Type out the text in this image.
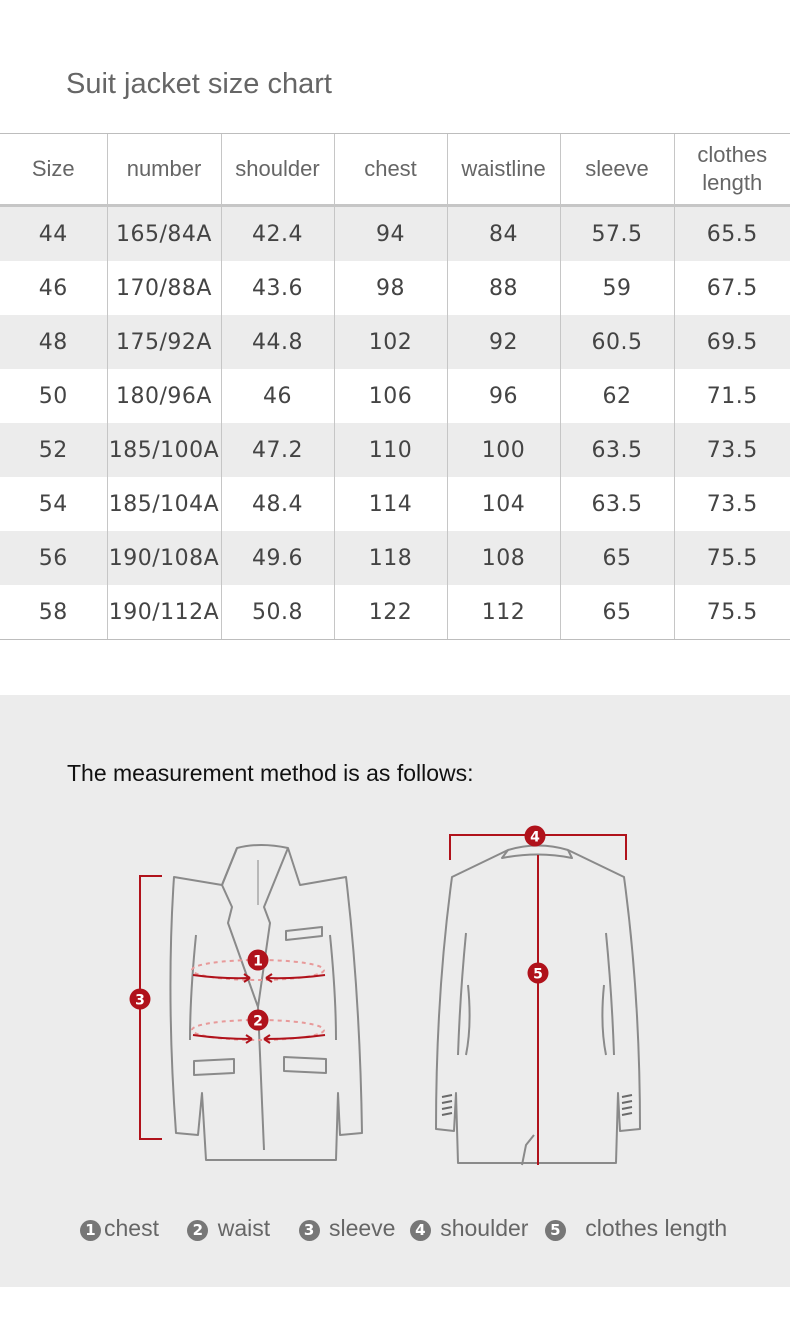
Suit jacket size chart
Size	number	shoulder	chest	waistline	sleeve	clothes
length
44	165/84A	42.4	94	84	57.5	65.5
46	170/88A	43.6	98	88	59	67.5
48	175/92A	44.8	102	92	60.5	69.5
50	180/96A	46	106	96	62	71.5
52	185/100A	47.2	110	100	63.5	73.5
54	185/104A	48.4	114	104	63.5	73.5
56	190/108A	49.6	118	108	65	75.5
58	190/112A	50.8	122	112	65	75.5
The measurement method is as follows:
1
2
3
4
5
1 chest 2 waist 3 sleeve 4 shoulder 5 clothes length
